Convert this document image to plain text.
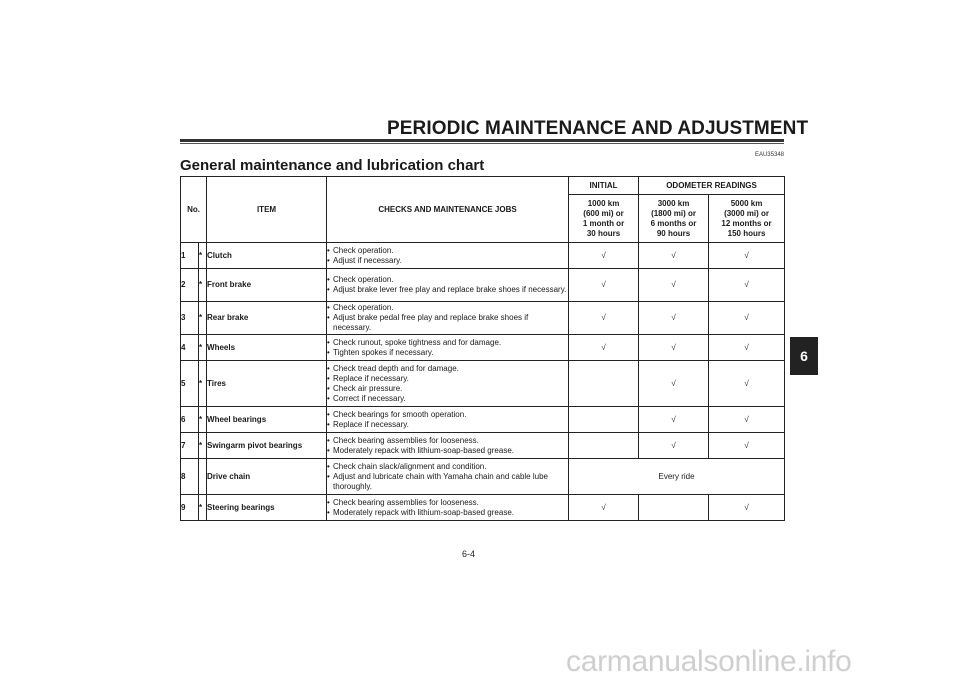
PERIODIC MAINTENANCE AND ADJUSTMENT
EAU35348
General maintenance and lubrication chart
No.		ITEM	CHECKS AND MAINTENANCE JOBS	INITIAL	ODOMETER READINGS	
				1000 km
(600 mi) or
1 month or
30 hours	3000 km
(1800 mi) or
6 months or
90 hours	5000 km
(3000 mi) or
12 months or
150 hours
1	*	Clutch	• Check operation.
• Adjust if necessary.	√	√	√
2	*	Front brake	• Check operation.
• Adjust brake lever free play and replace brake shoes if necessary.	√	√	√
3	*	Rear brake	• Check operation.
• Adjust brake pedal free play and replace brake shoes if necessary.	√	√	√
4	*	Wheels	• Check runout, spoke tightness and for damage.
• Tighten spokes if necessary.	√	√	√
5	*	Tires	• Check tread depth and for damage.
• Replace if necessary.
• Check air pressure.
• Correct if necessary.		√	√
6	*	Wheel bearings	• Check bearings for smooth operation.
• Replace if necessary.		√	√
7	*	Swingarm pivot bearings	• Check bearing assemblies for looseness.
• Moderately repack with lithium-soap-based grease.		√	√
8		Drive chain	• Check chain slack/alignment and condition.
• Adjust and lubricate chain with Yamaha chain and cable lube thoroughly.	Every ride		
9	*	Steering bearings	• Check bearing assemblies for looseness.
• Moderately repack with lithium-soap-based grease.	√		√
6
6-4
carmanualsonline.info
